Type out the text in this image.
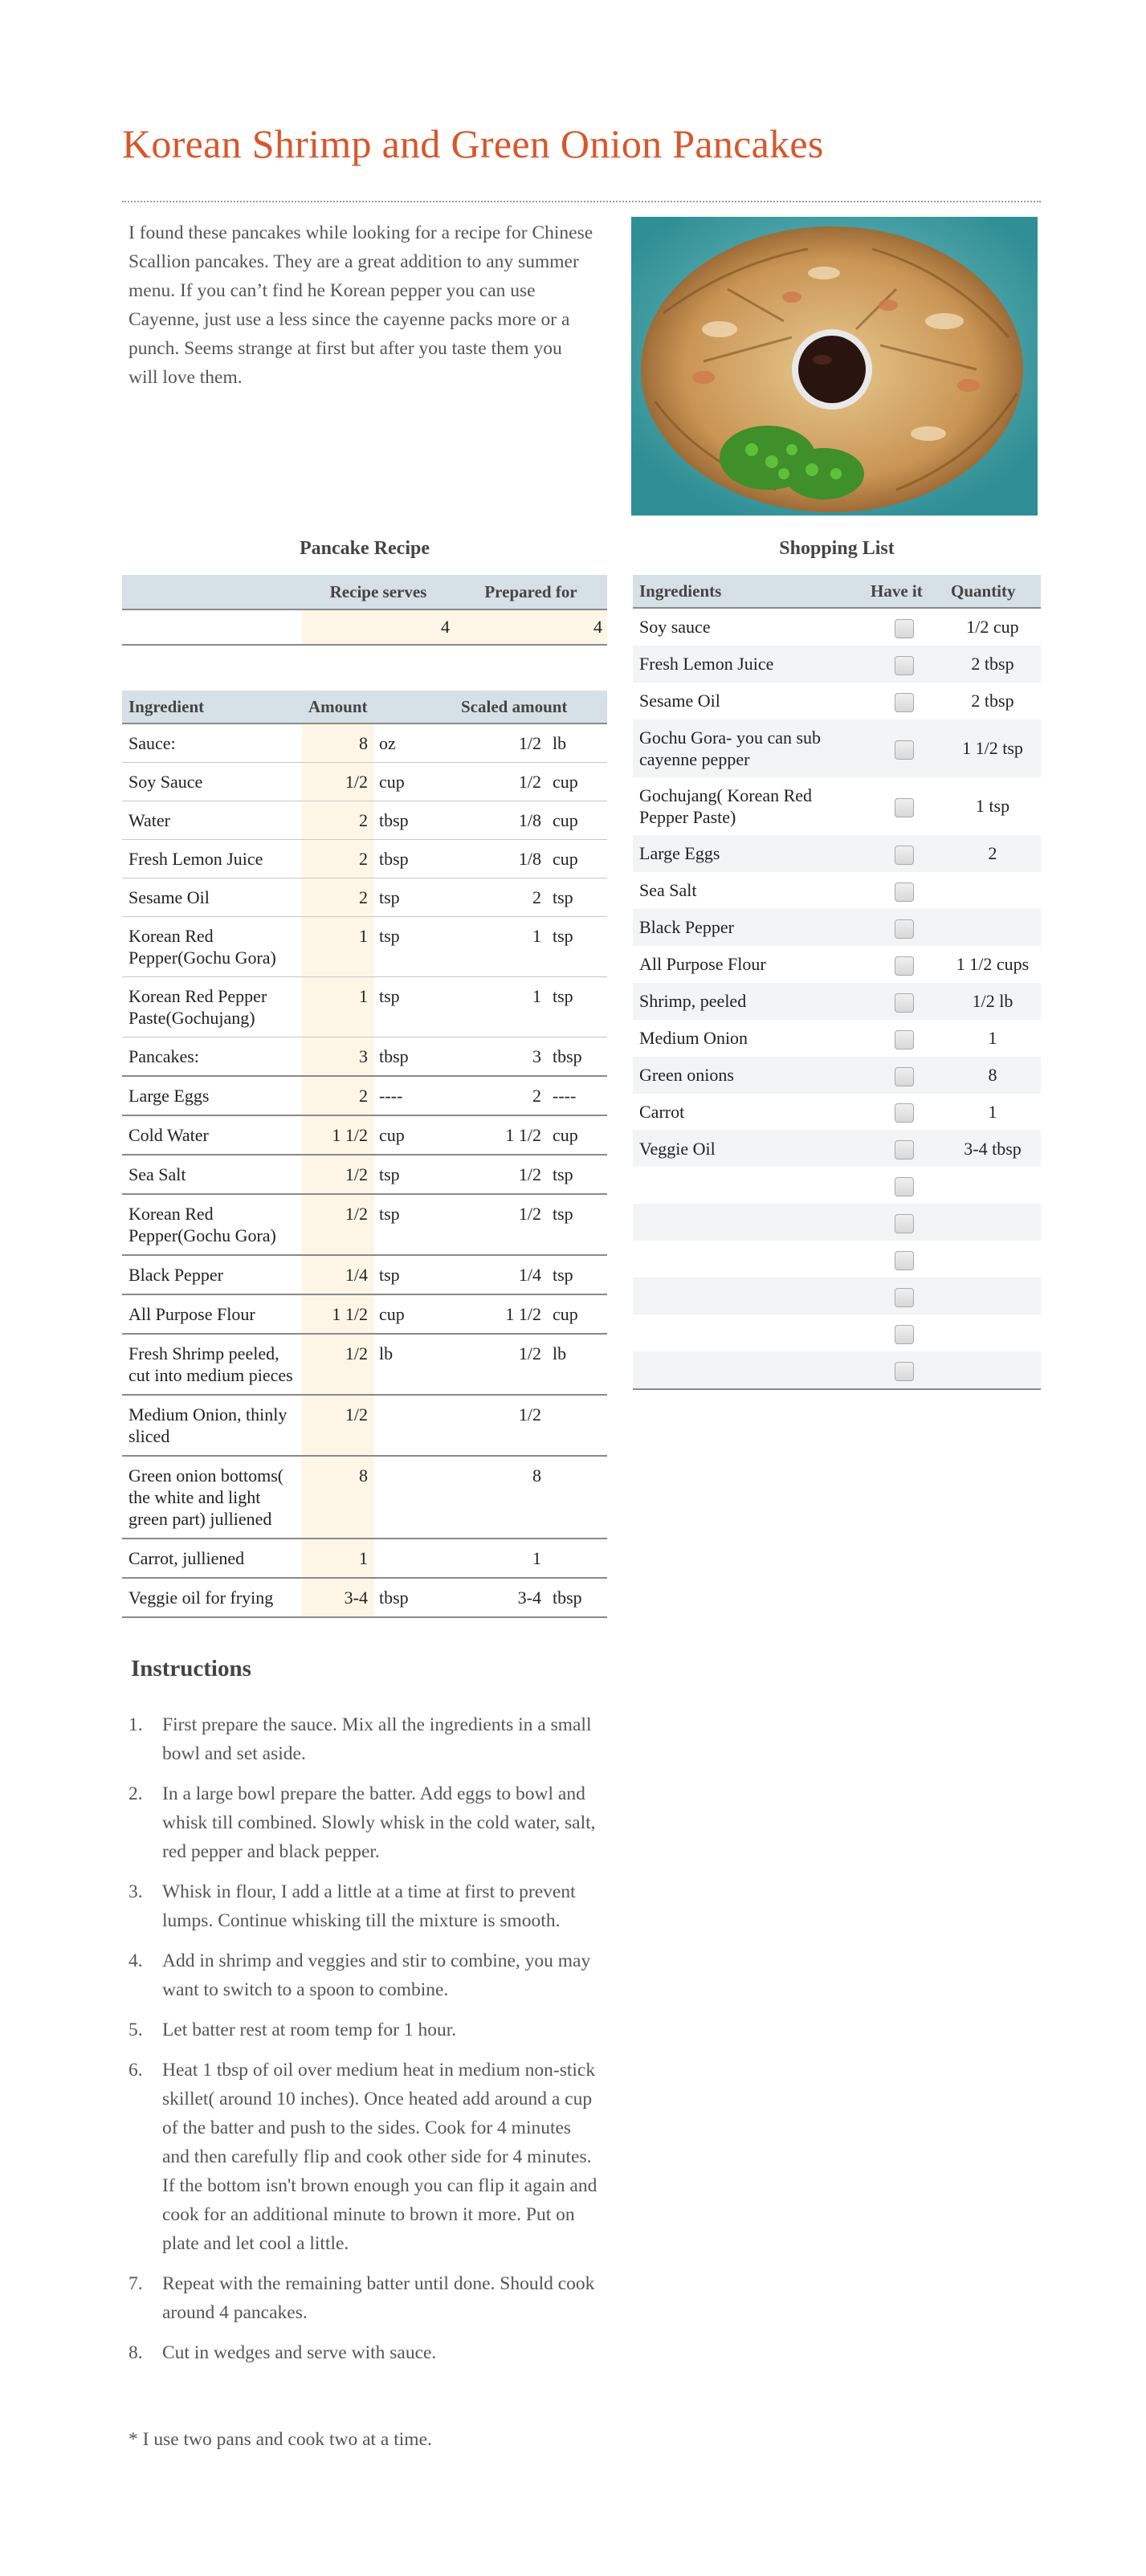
Korean Shrimp and Green Onion Pancakes
I found these pancakes while looking for a recipe for Chinese Scallion pancakes. They are a great addition to any summer menu. If you can’t find he Korean pepper you can use Cayenne, just use a less since the cayenne packs more or a punch. Seems strange at first but after you taste them you will love them.
Pancake Recipe
	Recipe serves	Prepared for
	4	4
Ingredient	Amount		Scaled amount	
Sauce:	8	oz	1/2	lb
Soy Sauce	1/2	cup	1/2	cup
Water	2	tbsp	1/8	cup
Fresh Lemon Juice	2	tbsp	1/8	cup
Sesame Oil	2	tsp	2	tsp
Korean Red Pepper(Gochu Gora)	1	tsp	1	tsp
Korean Red Pepper Paste(Gochujang)	1	tsp	1	tsp
Pancakes:	3	tbsp	3	tbsp
Large Eggs	2	----	2	----
Cold Water	1 1/2	cup	1 1/2	cup
Sea Salt	1/2	tsp	1/2	tsp
Korean Red Pepper(Gochu Gora)	1/2	tsp	1/2	tsp
Black Pepper	1/4	tsp	1/4	tsp
All Purpose Flour	1 1/2	cup	1 1/2	cup
Fresh Shrimp peeled, cut into medium pieces	1/2	lb	1/2	lb
Medium Onion, thinly sliced	1/2		1/2	
Green onion bottoms( the white and light green part) julliened	8		8	
Carrot, julliened	1		1	
Veggie oil for frying	3-4	tbsp	3-4	tbsp
Shopping List
Ingredients	Have it	Quantity
Soy sauce		1/2 cup
Fresh Lemon Juice		2 tbsp
Sesame Oil		2 tbsp
Gochu Gora- you can sub cayenne pepper		1 1/2 tsp
Gochujang( Korean Red Pepper Paste)		1 tsp
Large Eggs		2
Sea Salt		
Black Pepper		
All Purpose Flour		1 1/2 cups
Shrimp, peeled		1/2 lb
Medium Onion		1
Green onions		8
Carrot		1
Veggie Oil		3-4 tbsp

Instructions
1. First prepare the sauce. Mix all the ingredients in a small bowl and set aside.
2. In a large bowl prepare the batter. Add eggs to bowl and whisk till combined. Slowly whisk in the cold water, salt, red pepper and black pepper.
3. Whisk in flour, I add a little at a time at first to prevent lumps. Continue whisking till the mixture is smooth.
4. Add in shrimp and veggies and stir to combine, you may want to switch to a spoon to combine.
5. Let batter rest at room temp for 1 hour.
6. Heat 1 tbsp of oil over medium heat in medium non-stick skillet( around 10 inches). Once heated add around a cup of the batter and push to the sides. Cook for 4 minutes and then carefully flip and cook other side for 4 minutes. If the bottom isn't brown enough you can flip it again and cook for an additional minute to brown it more. Put on plate and let cool a little.
7. Repeat with the remaining batter until done. Should cook around 4 pancakes.
8. Cut in wedges and serve with sauce.
* I use two pans and cook two at a time.
